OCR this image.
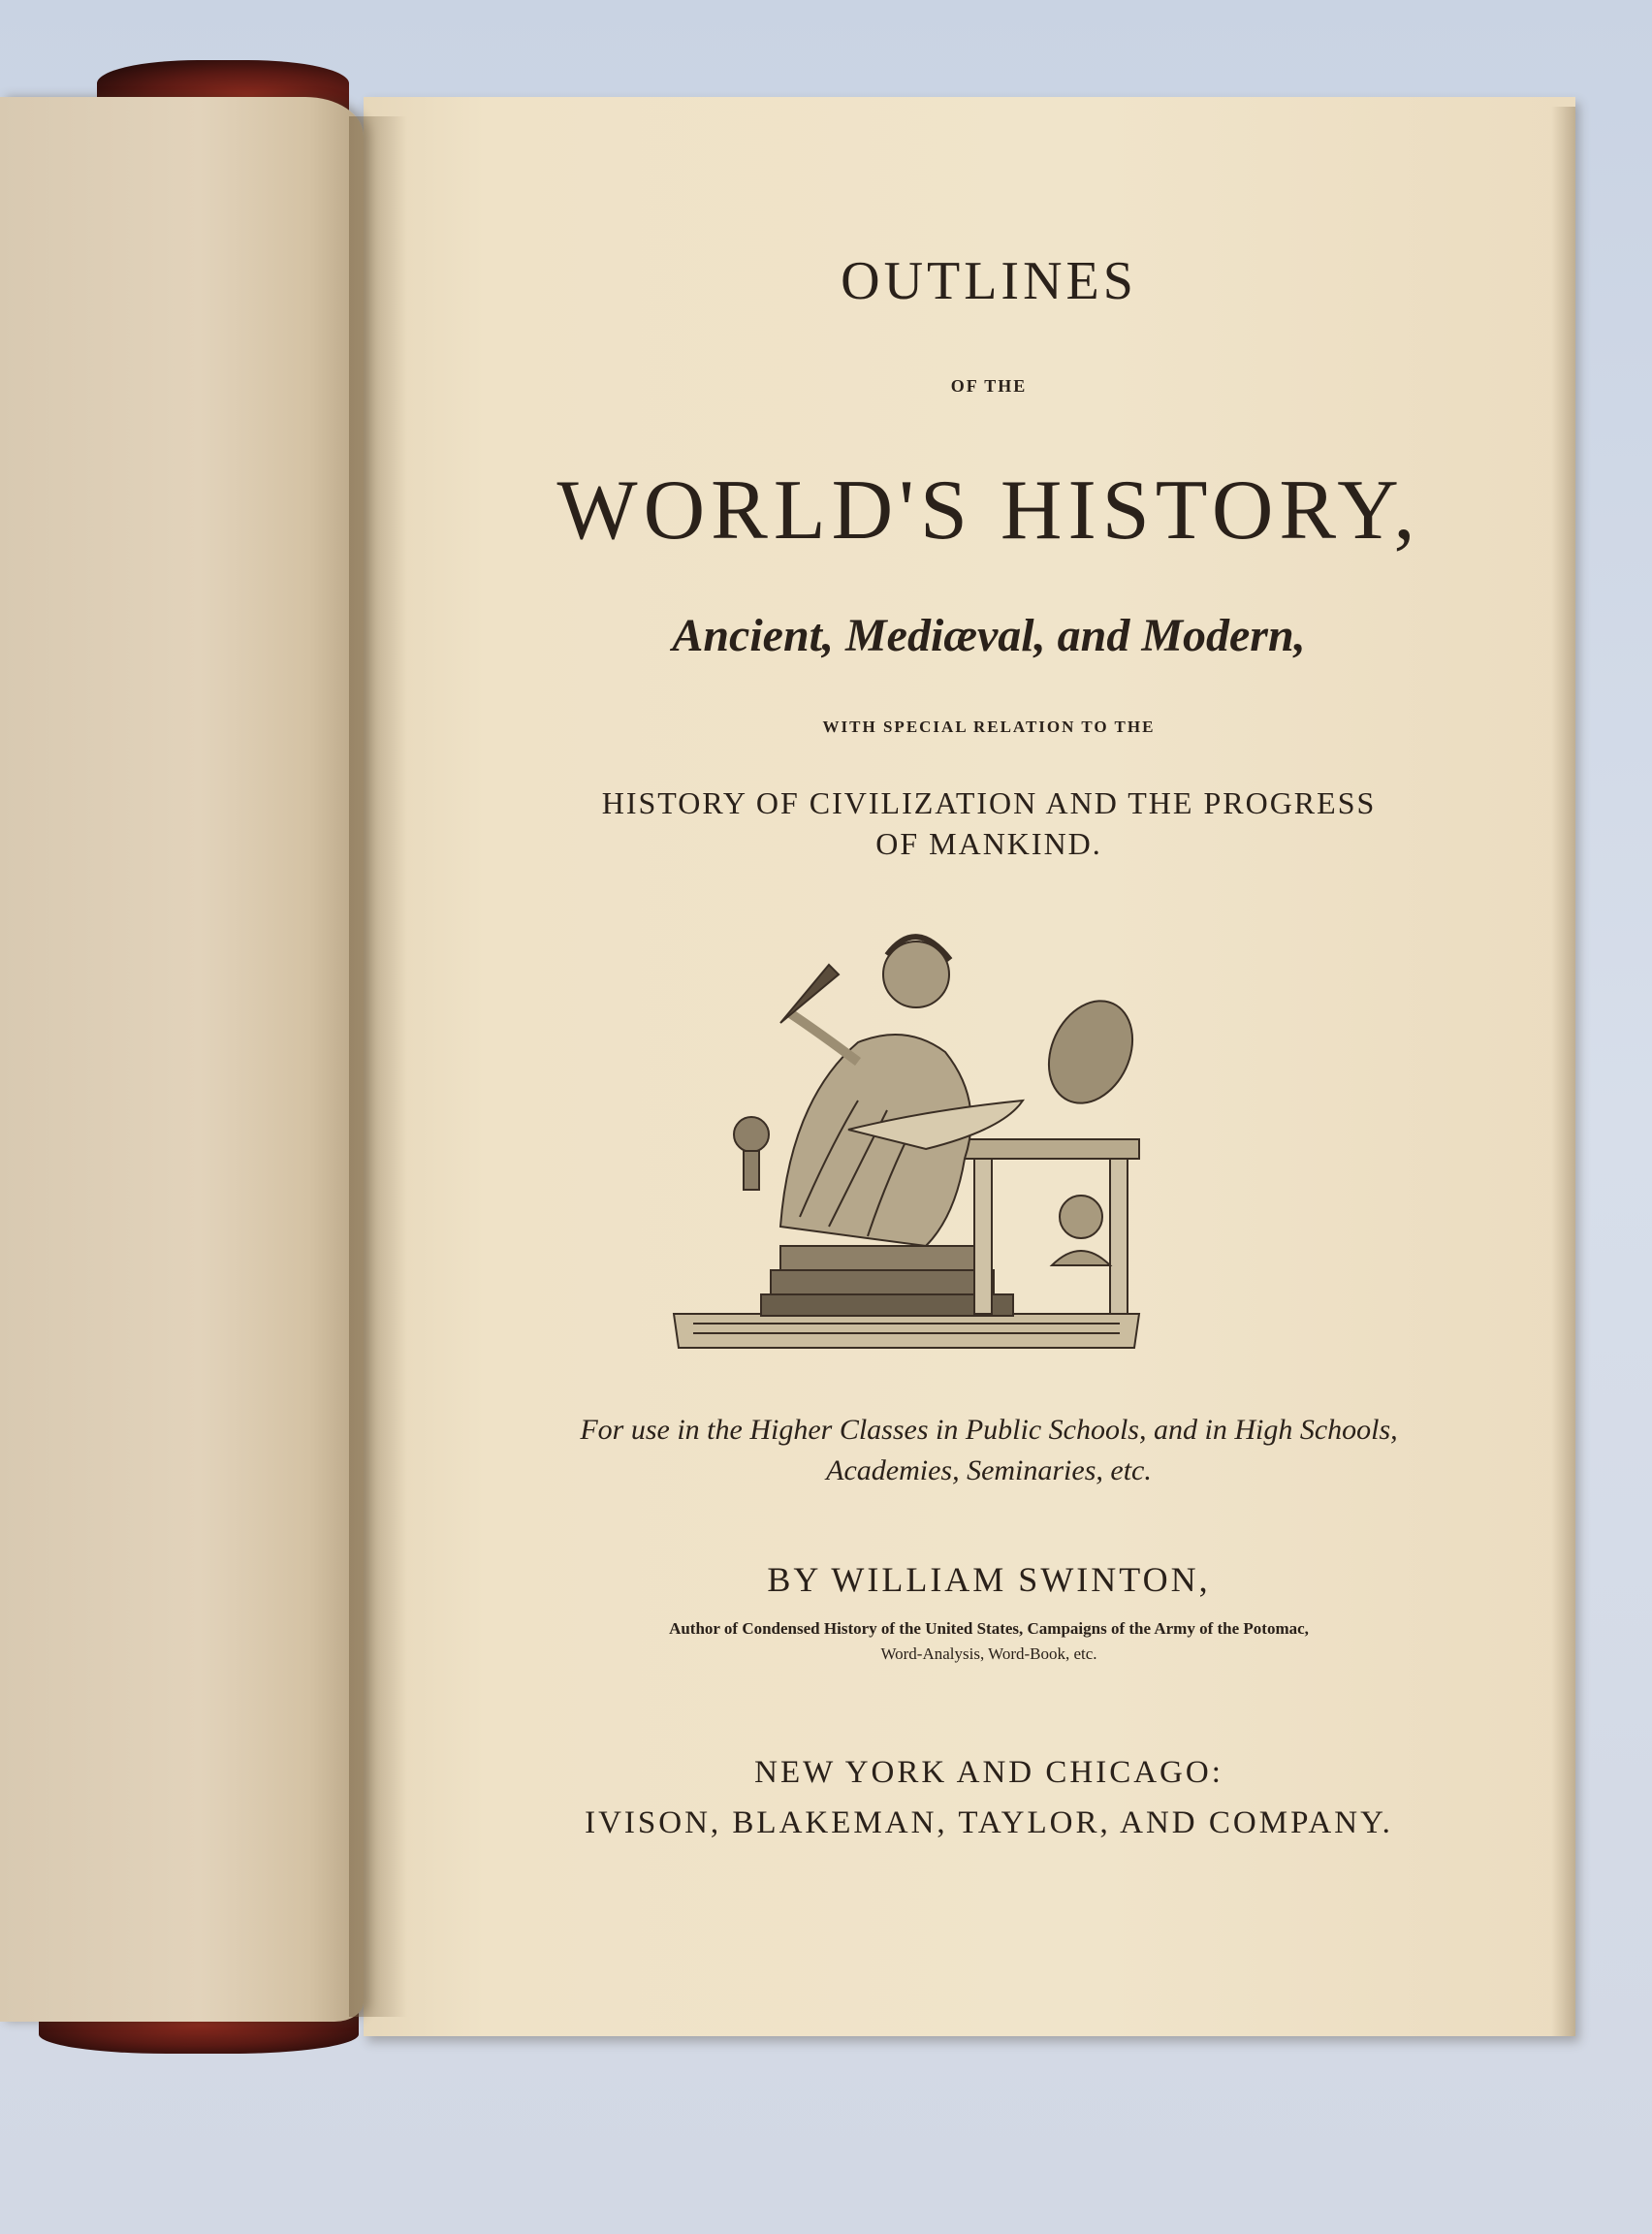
OUTLINES
OF THE
WORLD'S HISTORY,
Ancient, Mediæval, and Modern,
WITH SPECIAL RELATION TO THE
HISTORY OF CIVILIZATION AND THE PROGRESS
OF MANKIND.
For use in the Higher Classes in Public Schools, and in High Schools,
Academies, Seminaries, etc.
BY WILLIAM SWINTON,
Author of Condensed History of the United States, Campaigns of the Army of the Potomac,
Word-Analysis, Word-Book, etc.
NEW YORK AND CHICAGO:
IVISON, BLAKEMAN, TAYLOR, AND COMPANY.
